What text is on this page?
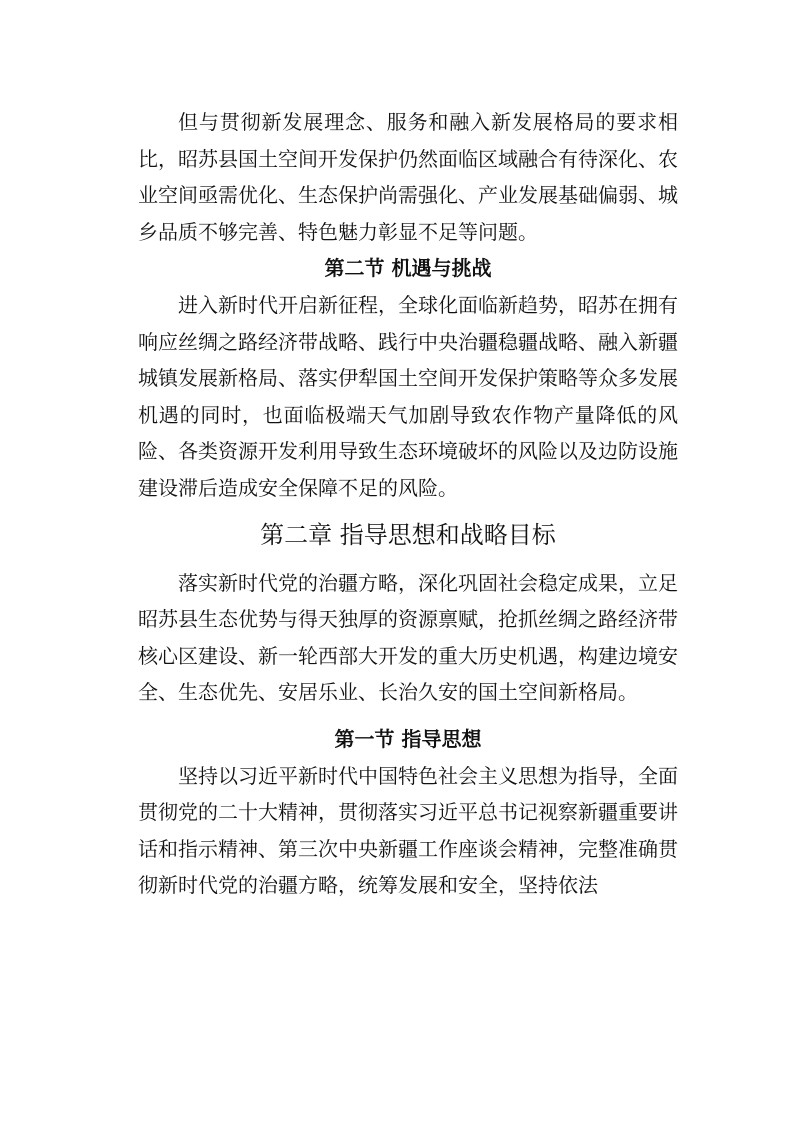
但与贯彻新发展理念、服务和融入新发展格局的要求相比，昭苏县国土空间开发保护仍然面临区域融合有待深化、农业空间亟需优化、生态保护尚需强化、产业发展基础偏弱、城乡品质不够完善、特色魅力彰显不足等问题。

第二节 机遇与挑战

进入新时代开启新征程，全球化面临新趋势，昭苏在拥有响应丝绸之路经济带战略、践行中央治疆稳疆战略、融入新疆城镇发展新格局、落实伊犁国土空间开发保护策略等众多发展机遇的同时，也面临极端天气加剧导致农作物产量降低的风险、各类资源开发利用导致生态环境破坏的风险以及边防设施建设滞后造成安全保障不足的风险。

第二章 指导思想和战略目标

落实新时代党的治疆方略，深化巩固社会稳定成果，立足昭苏县生态优势与得天独厚的资源禀赋，抢抓丝绸之路经济带核心区建设、新一轮西部大开发的重大历史机遇，构建边境安全、生态优先、安居乐业、长治久安的国土空间新格局。

第一节 指导思想

坚持以习近平新时代中国特色社会主义思想为指导，全面贯彻党的二十大精神，贯彻落实习近平总书记视察新疆重要讲话和指示精神、第三次中央新疆工作座谈会精神，完整准确贯彻新时代党的治疆方略，统筹发展和安全，坚持依法
